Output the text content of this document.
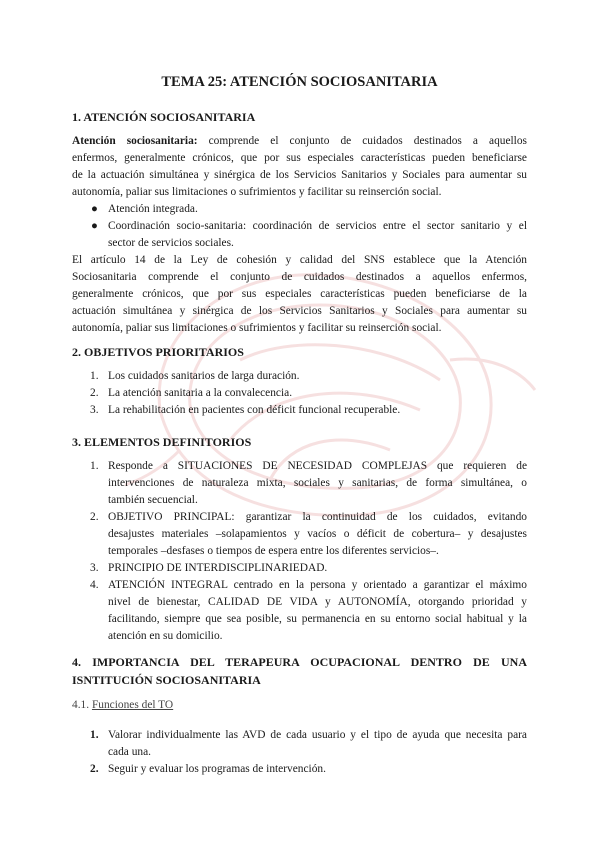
TEMA 25: ATENCIÓN SOCIOSANITARIA
1. ATENCIÓN SOCIOSANITARIA
Atención sociosanitaria: comprende el conjunto de cuidados destinados a aquellos
enfermos, generalmente crónicos, que por sus especiales características pueden beneficiarse
de la actuación simultánea y sinérgica de los Servicios Sanitarios y Sociales para aumentar su
autonomía, paliar sus limitaciones o sufrimientos y facilitar su reinserción social.
● Atención integrada.
● Coordinación socio-sanitaria: coordinación de servicios entre el sector sanitario y el
sector de servicios sociales.
El artículo 14 de la Ley de cohesión y calidad del SNS establece que la Atención
Sociosanitaria comprende el conjunto de cuidados destinados a aquellos enfermos,
generalmente crónicos, que por sus especiales características pueden beneficiarse de la
actuación simultánea y sinérgica de los Servicios Sanitarios y Sociales para aumentar su
autonomía, paliar sus limitaciones o sufrimientos y facilitar su reinserción social.
2. OBJETIVOS PRIORITARIOS
1. Los cuidados sanitarios de larga duración.
2. La atención sanitaria a la convalecencia.
3. La rehabilitación en pacientes con déficit funcional recuperable.
3. ELEMENTOS DEFINITORIOS
1. Responde a SITUACIONES DE NECESIDAD COMPLEJAS que requieren de
intervenciones de naturaleza mixta, sociales y sanitarias, de forma simultánea, o
también secuencial.
2. OBJETIVO PRINCIPAL: garantizar la continuidad de los cuidados, evitando
desajustes materiales –solapamientos y vacíos o déficit de cobertura– y desajustes
temporales –desfases o tiempos de espera entre los diferentes servicios–.
3. PRINCIPIO DE INTERDISCIPLINARIEDAD.
4. ATENCIÓN INTEGRAL centrado en la persona y orientado a garantizar el máximo
nivel de bienestar, CALIDAD DE VIDA y AUTONOMÍA, otorgando prioridad y
facilitando, siempre que sea posible, su permanencia en su entorno social habitual y la
atención en su domicilio.
4. IMPORTANCIA DEL TERAPEURA OCUPACIONAL DENTRO DE UNA
ISNTITUCIÓN SOCIOSANITARIA
4.1. Funciones del TO
1. Valorar individualmente las AVD de cada usuario y el tipo de ayuda que necesita para
cada una.
2. Seguir y evaluar los programas de intervención.
